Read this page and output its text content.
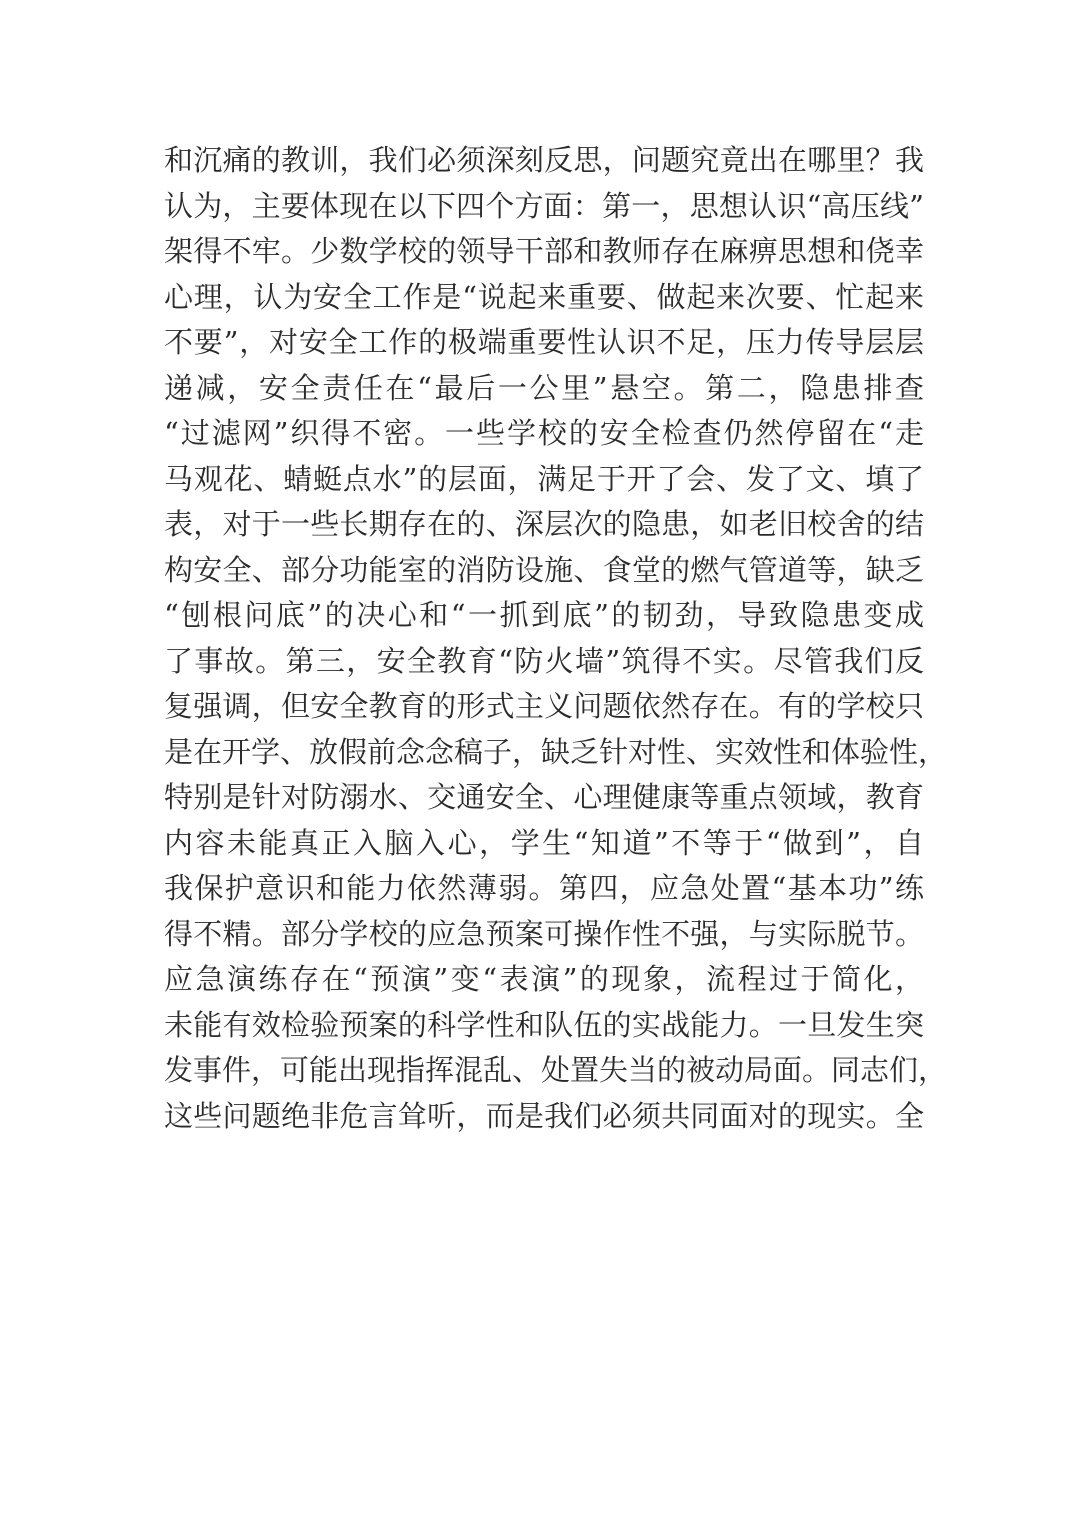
和沉痛的教训，我们必须深刻反思，问题究竟出在哪里？我
认为，主要体现在以下四个方面：第一，思想认识“高压线”
架得不牢。少数学校的领导干部和教师存在麻痹思想和侥幸
心理，认为安全工作是“说起来重要、做起来次要、忙起来
不要”，对安全工作的极端重要性认识不足，压力传导层层
递减，安全责任在“最后一公里”悬空。第二，隐患排查
“过滤网”织得不密。一些学校的安全检查仍然停留在“走
马观花、蜻蜓点水”的层面，满足于开了会、发了文、填了
表，对于一些长期存在的、深层次的隐患，如老旧校舍的结
构安全、部分功能室的消防设施、食堂的燃气管道等，缺乏
“刨根问底”的决心和“一抓到底”的韧劲，导致隐患变成
了事故。第三，安全教育“防火墙”筑得不实。尽管我们反
复强调，但安全教育的形式主义问题依然存在。有的学校只
是在开学、放假前念念稿子，缺乏针对性、实效性和体验性，
特别是针对防溺水、交通安全、心理健康等重点领域，教育
内容未能真正入脑入心，学生“知道”不等于“做到”，自
我保护意识和能力依然薄弱。第四，应急处置“基本功”练
得不精。部分学校的应急预案可操作性不强，与实际脱节。
应急演练存在“预演”变“表演”的现象，流程过于简化，
未能有效检验预案的科学性和队伍的实战能力。一旦发生突
发事件，可能出现指挥混乱、处置失当的被动局面。同志们，
这些问题绝非危言耸听，而是我们必须共同面对的现实。全
